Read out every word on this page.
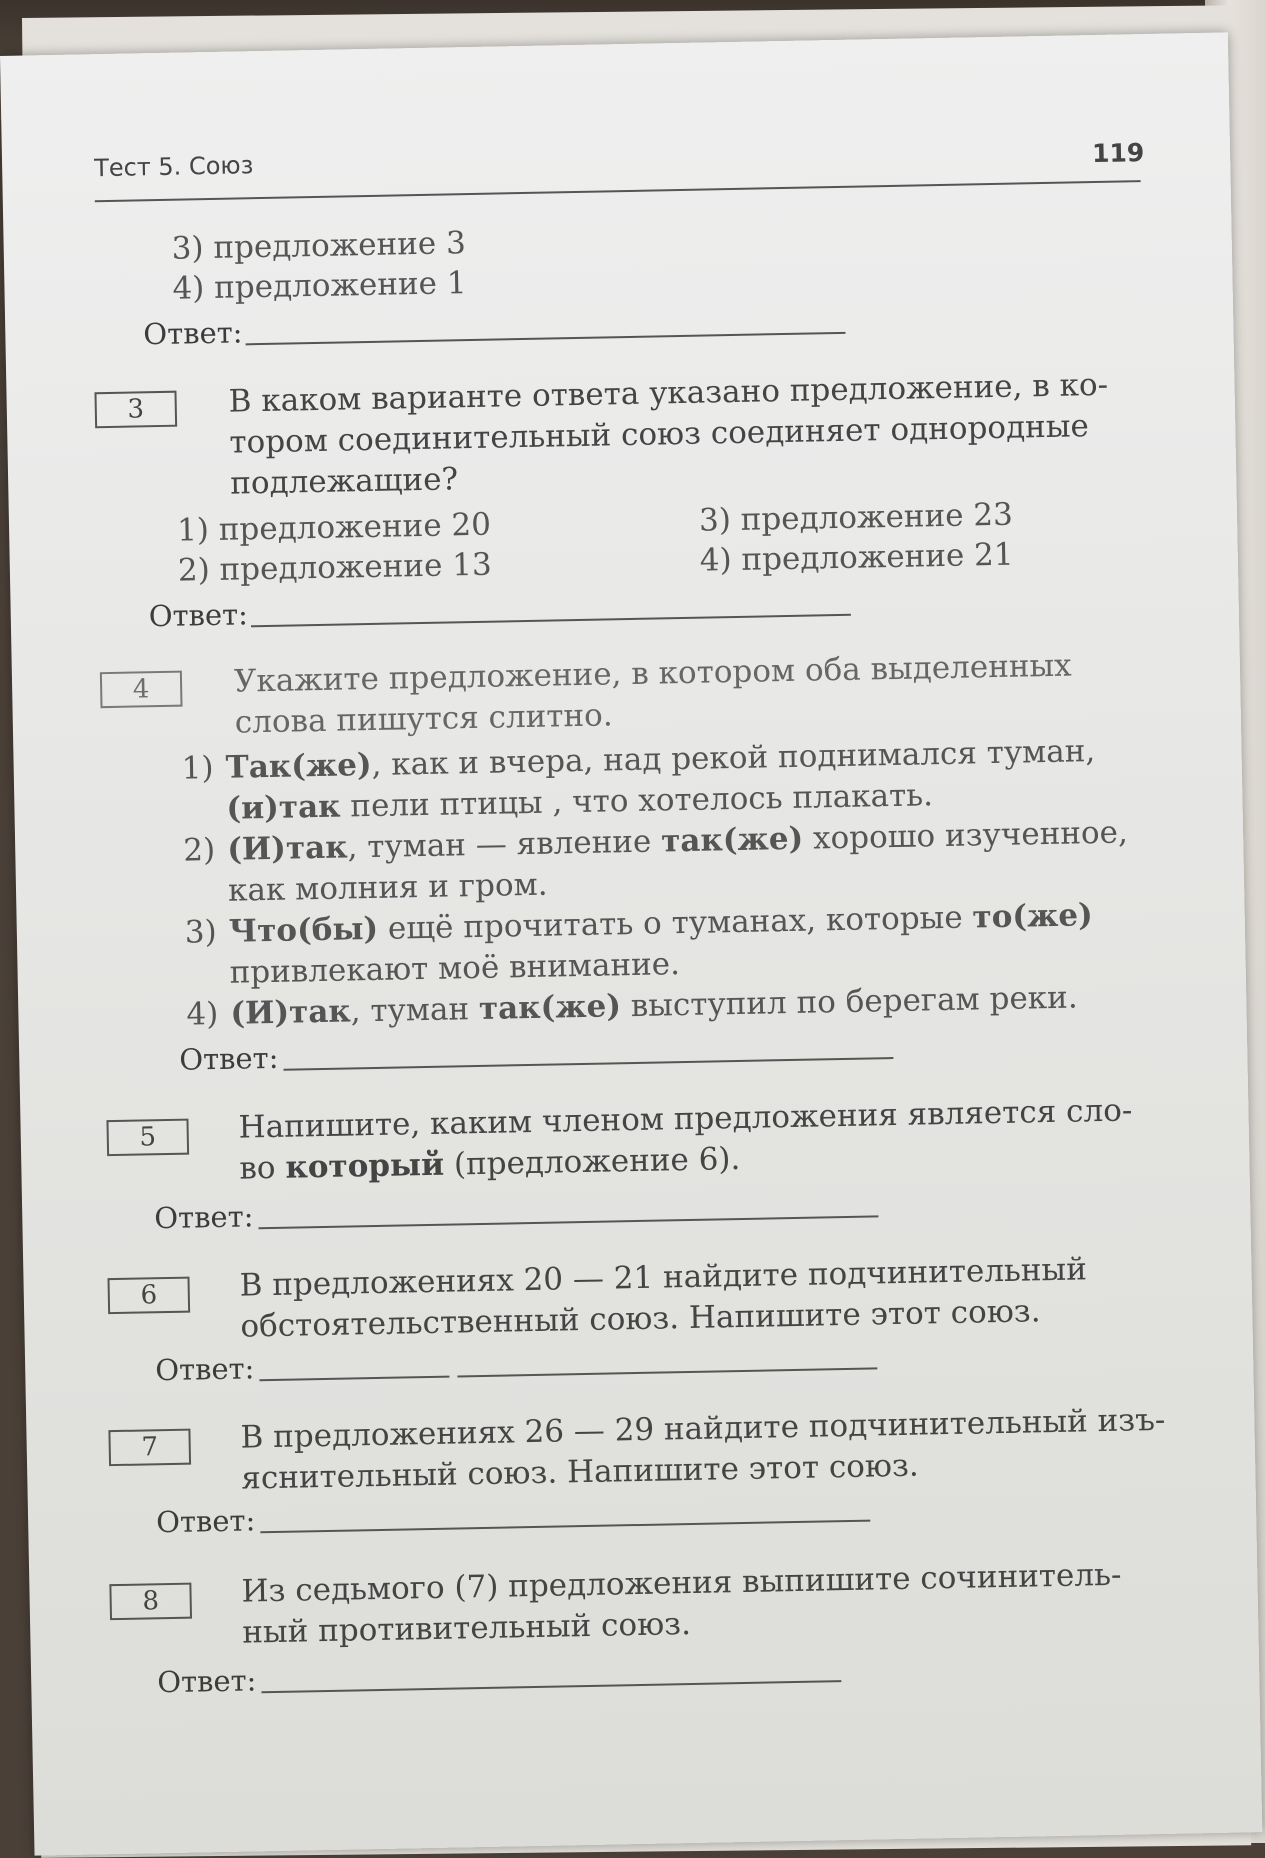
Тест 5. Союз	119
3) предложение 3
4) предложение 1
Ответ:
3	В каком варианте ответа указано предложение, в ко-
тором соединительный союз соединяет однородные
подлежащие?
1) предложение 20
2) предложение 13
3) предложение 23
4) предложение 21
Ответ:
4	Укажите предложение, в котором оба выделенных
слова пишутся слитно.
1) Так(же), как и вчера, над рекой поднимался туман,
(и)так пели птицы , что хотелось плакать.
2) (И)так, туман — явление так(же) хорошо изученное,
как молния и гром.
3) Что(бы) ещё прочитать о туманах, которые то(же)
привлекают моё внимание.
4) (И)так, туман так(же) выступил по берегам реки.
Ответ:
5	Напишите, каким членом предложения является сло-
во который (предложение 6).
Ответ:
6	В предложениях 20 — 21 найдите подчинительный
обстоятельственный союз. Напишите этот союз.
Ответ:
7	В предложениях 26 — 29 найдите подчинительный изъ-
яснительный союз. Напишите этот союз.
Ответ:
8	Из седьмого (7) предложения выпишите сочинитель-
ный противительный союз.
Ответ:
